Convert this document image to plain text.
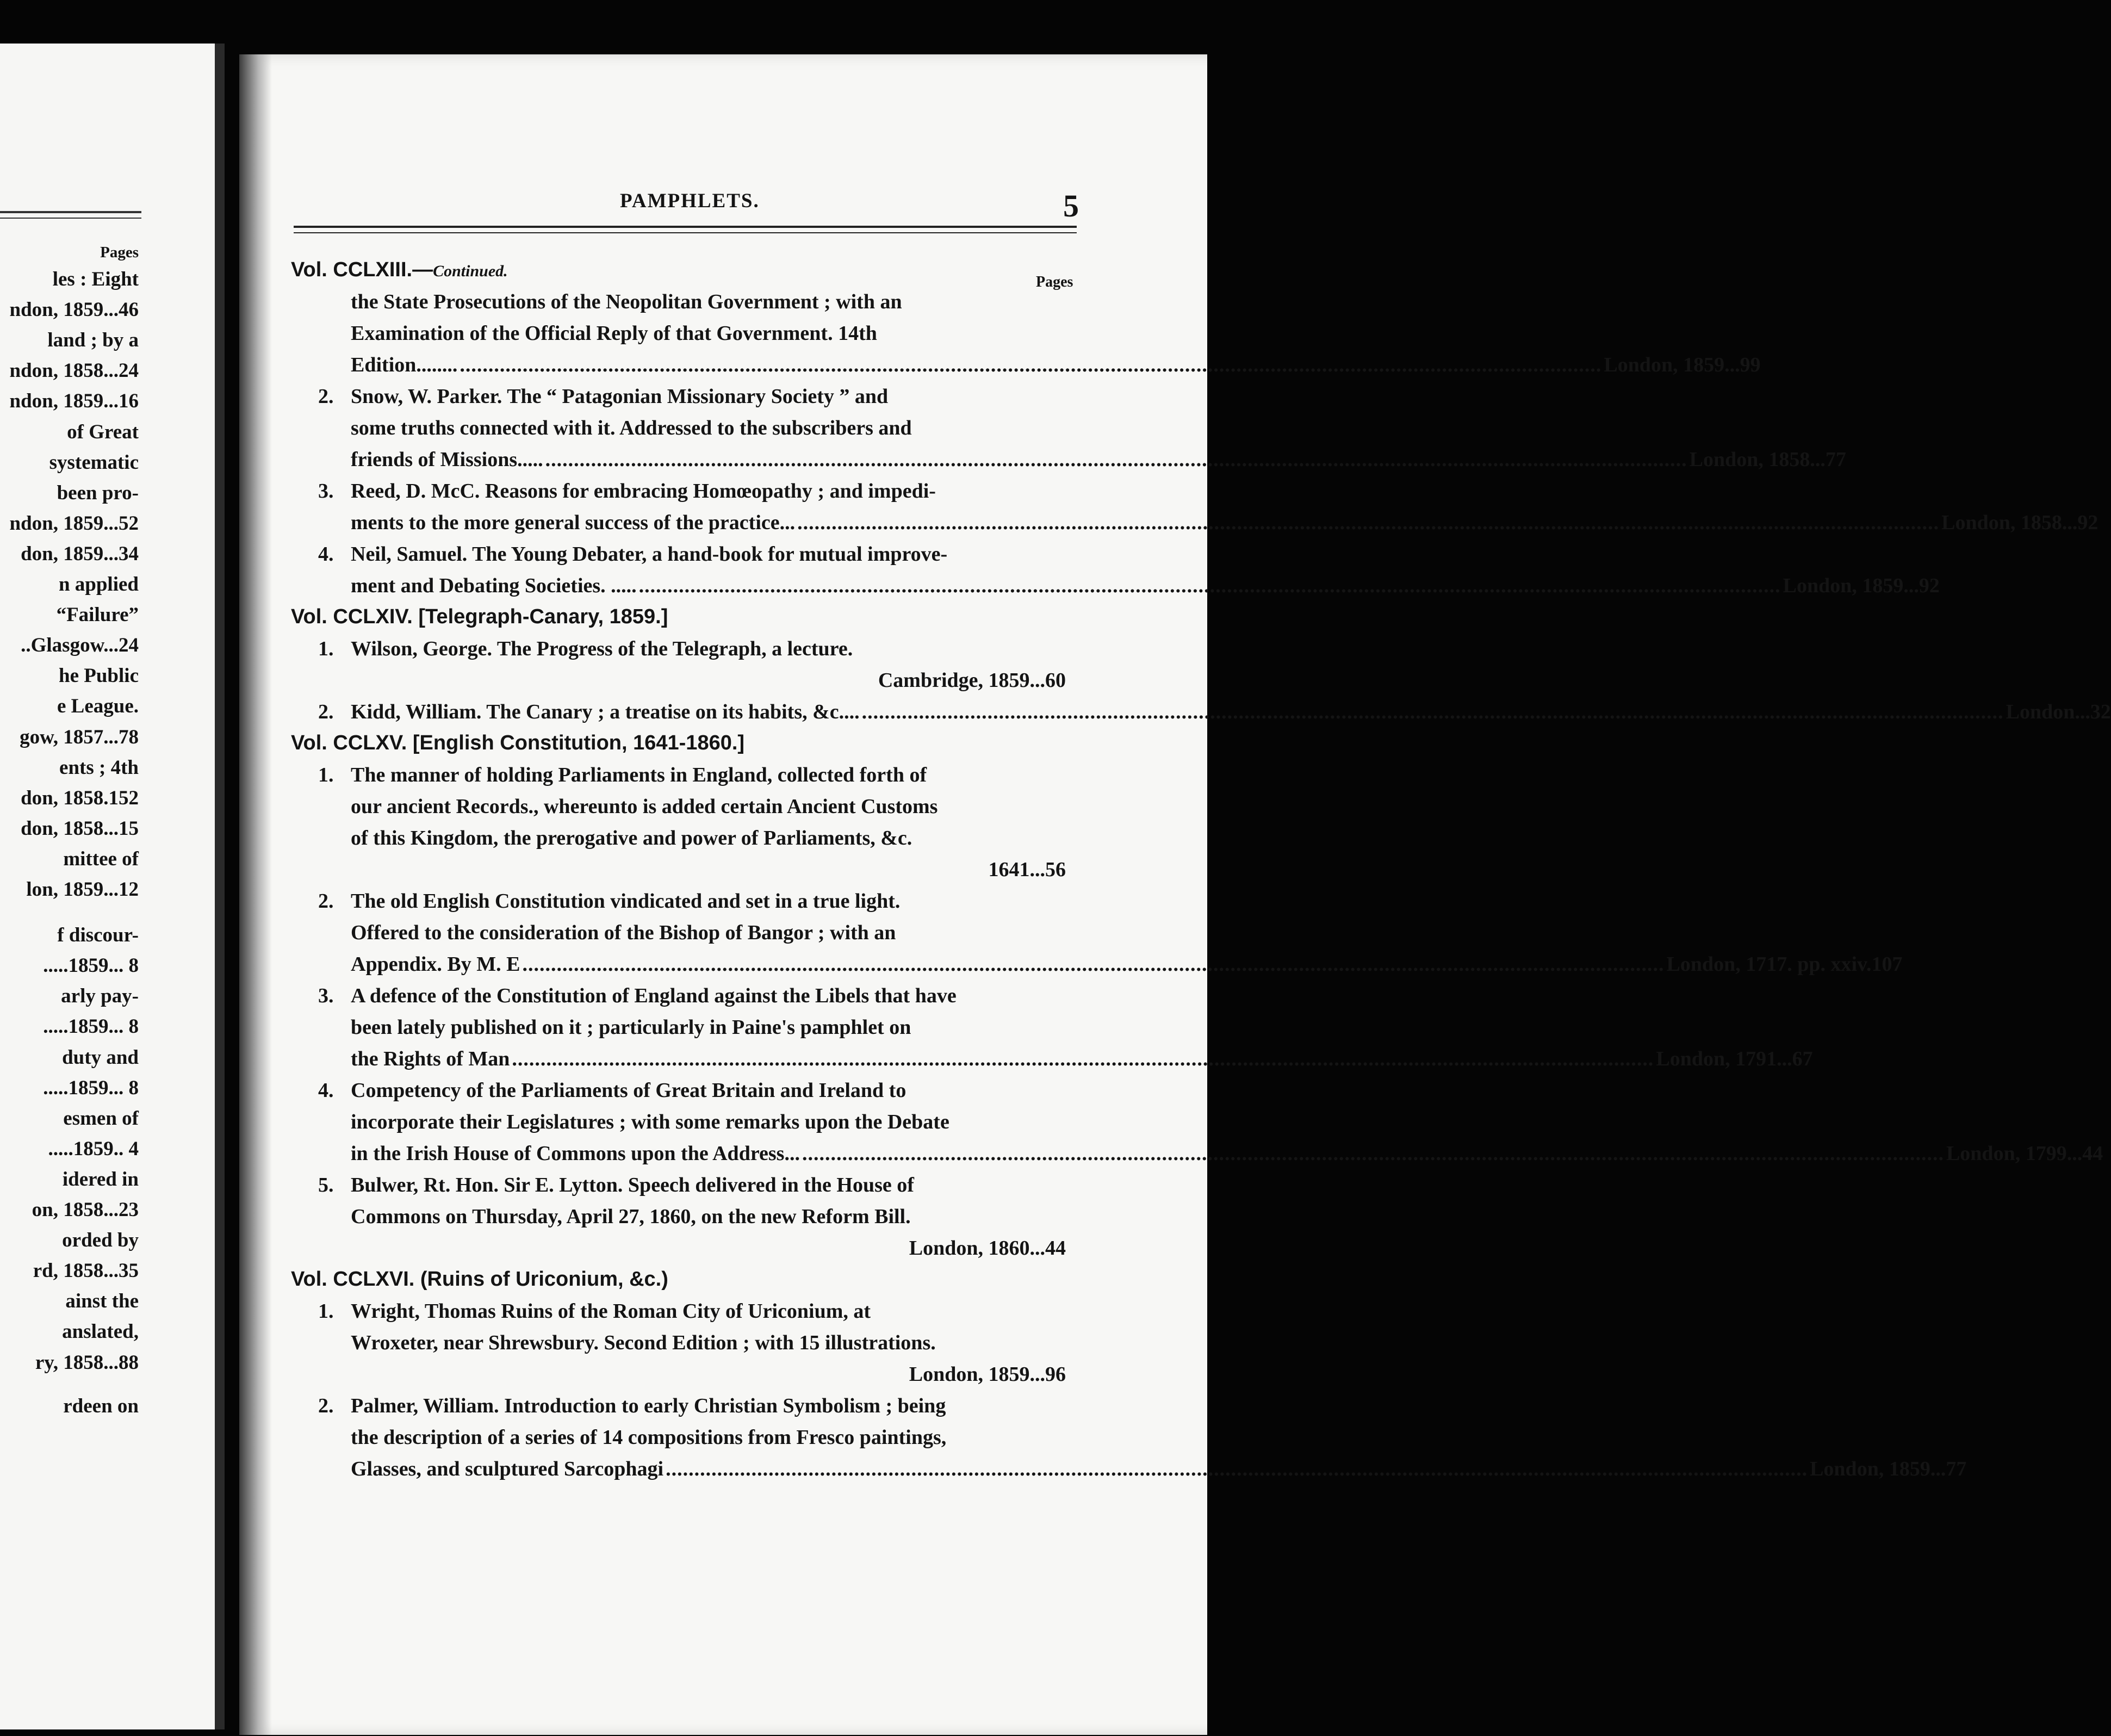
Pages
les : Eight
ndon, 1859...46
land ; by a
ndon, 1858...24
ndon, 1859...16
of Great
systematic
been pro-
ndon, 1859...52
don, 1859...34
n applied
“Failure”
..Glasgow...24
he Public
e League.
gow, 1857...78
ents ; 4th
don, 1858.152
don, 1858...15
mittee of
lon, 1859...12
f discour-
.....1859... 8
arly pay-
.....1859... 8
duty and
.....1859... 8
esmen of
.....1859.. 4
idered in
on, 1858...23
orded by
rd, 1858...35
ainst the
anslated,
ry, 1858...88
rdeen on
PAMPHLETS.	5
Vol. CCLXIII.—Continued.
Pages
the State Prosecutions of the Neopolitan Government ; with an
Examination of the Official Reply of that Government. 14th
Edition........ ........................................................................................................................................................................................................ London, 1859...99
2. Snow, W. Parker. The “ Patagonian Missionary Society ” and
some truths connected with it. Addressed to the subscribers and
friends of Missions..... ........................................................................................................................................................................................................ London, 1858...77
3. Reed, D. McC. Reasons for embracing Homœopathy ; and impedi-
ments to the more general success of the practice... ........................................................................................................................................................................................................ London, 1858...92
4. Neil, Samuel. The Young Debater, a hand-book for mutual improve-
ment and Debating Societies. ..... ........................................................................................................................................................................................................ London, 1859...92
Vol. CCLXIV. [Telegraph-Canary, 1859.]
1. Wilson, George. The Progress of the Telegraph, a lecture.
Cambridge, 1859...60
2. Kidd, William. The Canary ; a treatise on its habits, &c.... ........................................................................................................................................................................................................ London...32
Vol. CCLXV. [English Constitution, 1641-1860.]
1. The manner of holding Parliaments in England, collected forth of
our ancient Records., whereunto is added certain Ancient Customs
of this Kingdom, the prerogative and power of Parliaments, &c.
1641...56
2. The old English Constitution vindicated and set in a true light.
Offered to the consideration of the Bishop of Bangor ; with an
Appendix. By M. E ........................................................................................................................................................................................................ London, 1717. pp. xxiv.107
3. A defence of the Constitution of England against the Libels that have
been lately published on it ; particularly in Paine's pamphlet on
the Rights of Man ........................................................................................................................................................................................................ London, 1791...67
4. Competency of the Parliaments of Great Britain and Ireland to
incorporate their Legislatures ; with some remarks upon the Debate
in the Irish House of Commons upon the Address... ........................................................................................................................................................................................................ London, 1799...44
5. Bulwer, Rt. Hon. Sir E. Lytton. Speech delivered in the House of
Commons on Thursday, April 27, 1860, on the new Reform Bill.
London, 1860...44
Vol. CCLXVI. (Ruins of Uriconium, &c.)
1. Wright, Thomas Ruins of the Roman City of Uriconium, at
Wroxeter, near Shrewsbury. Second Edition ; with 15 illustrations.
London, 1859...96
2. Palmer, William. Introduction to early Christian Symbolism ; being
the description of a series of 14 compositions from Fresco paintings,
Glasses, and sculptured Sarcophagi ........................................................................................................................................................................................................ London, 1859...77
